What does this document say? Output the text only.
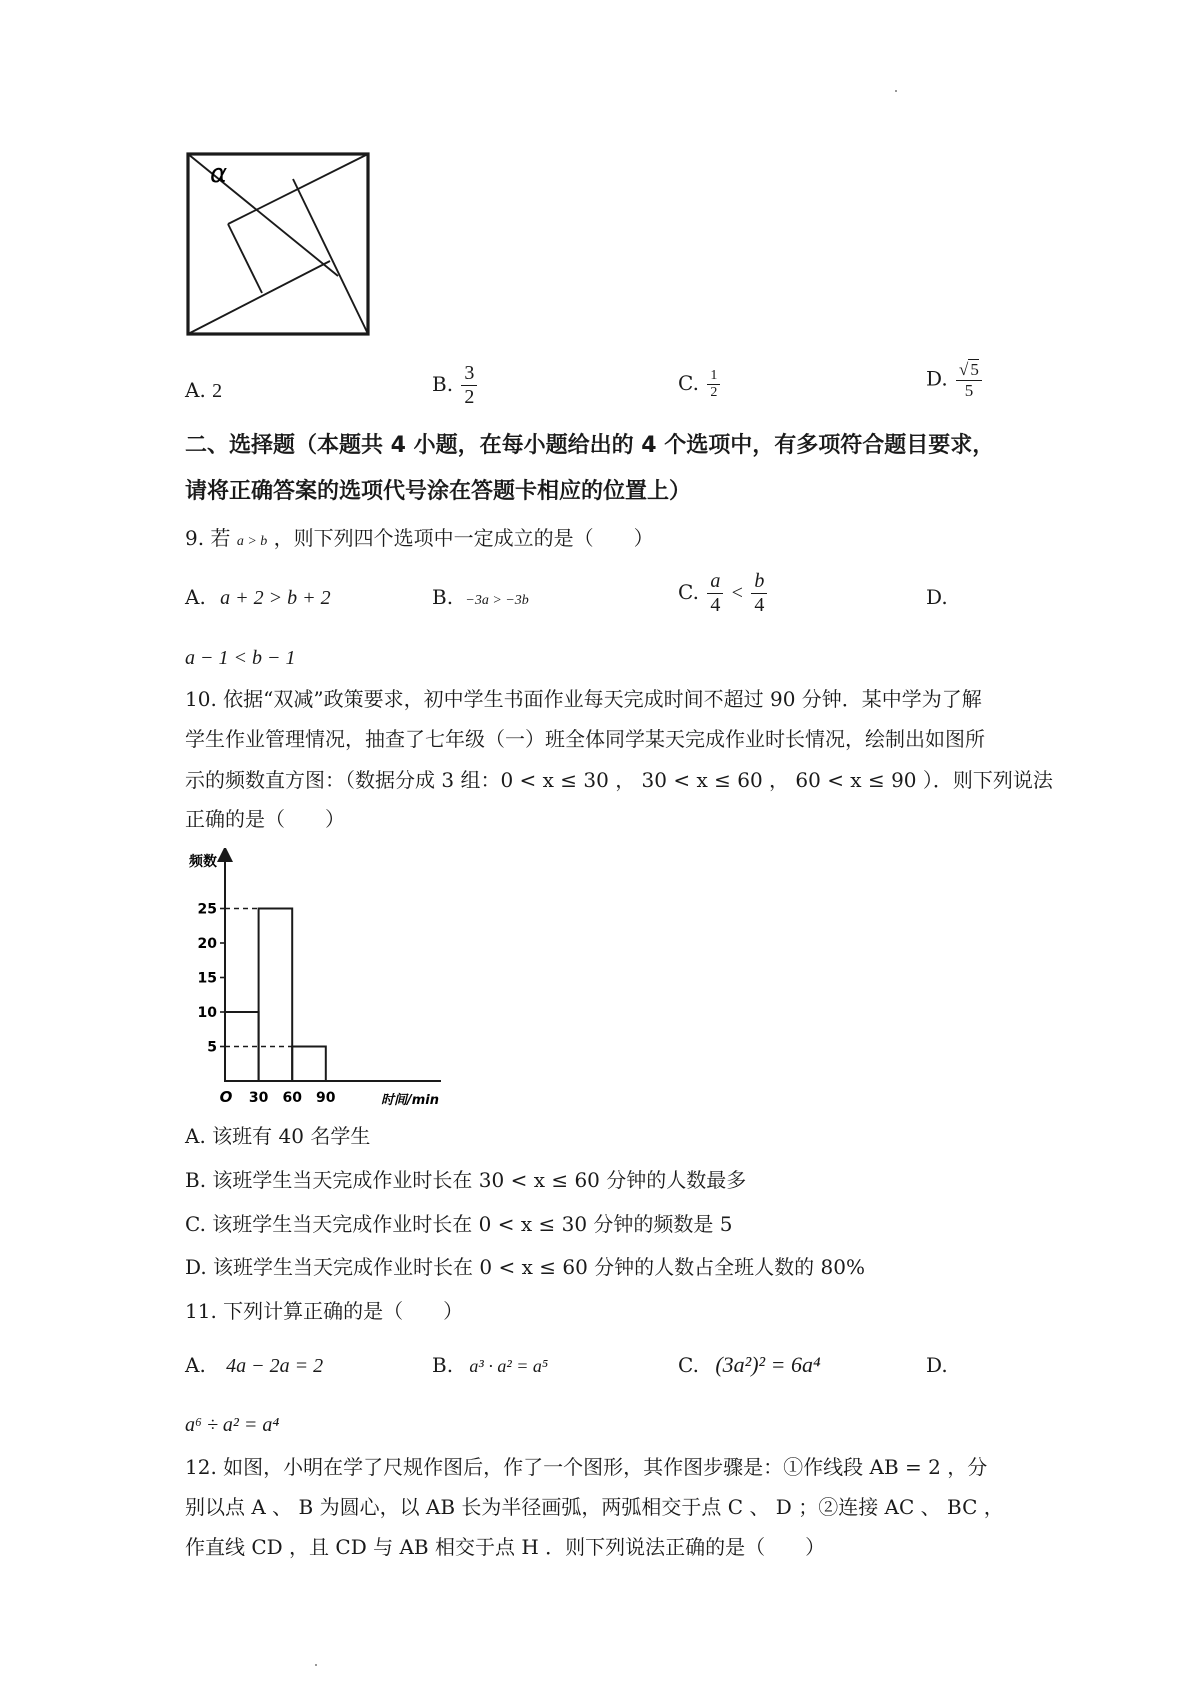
α
A. 2	B. $\frac{3}{2}$	C. $\frac{1}{2}$	D. $\frac{√ 5}{5}$
二、选择题（本题共 4 小题，在每小题给出的 4 个选项中，有多项符合题目要求，
请将正确答案的选项代号涂在答题卡相应的位置上）
9. 若 a > b ，则下列四个选项中一定成立的是（　　）
A. a + 2 > b + 2	B. −3a > −3b	C. $\frac{a}{4} < \frac{b}{4}$	D.
a − 1 < b − 1
10. 依据“双减”政策要求，初中学生书面作业每天完成时间不超过 90 分钟．某中学为了解
学生作业管理情况，抽查了七年级（一）班全体同学某天完成作业时长情况，绘制出如图所
示的频数直方图：（数据分成 3 组：0 < x ≤ 30 ， 30 < x ≤ 60 ， 60 < x ≤ 90 ）．则下列说法
正确的是（　　）
频数
时间/min
O
5
10
15
20
25
30 60 90
A. 该班有 40 名学生
B. 该班学生当天完成作业时长在 30 < x ≤ 60 分钟的人数最多
C. 该班学生当天完成作业时长在 0 < x ≤ 30 分钟的频数是 5
D. 该班学生当天完成作业时长在 0 < x ≤ 60 分钟的人数占全班人数的 80%
11. 下列计算正确的是（　　）
A. 4a − 2a = 2	B. a³ · a² = a⁵	C. (3a²)² = 6a⁴	D.
a⁶ ÷ a² = a⁴
12. 如图，小明在学了尺规作图后，作了一个图形，其作图步骤是：①作线段 AB = 2 ，分
别以点 A 、 B 为圆心，以 AB 长为半径画弧，两弧相交于点 C 、 D ；②连接 AC 、 BC ，
作直线 CD ，且 CD 与 AB 相交于点 H ．则下列说法正确的是（　　）
